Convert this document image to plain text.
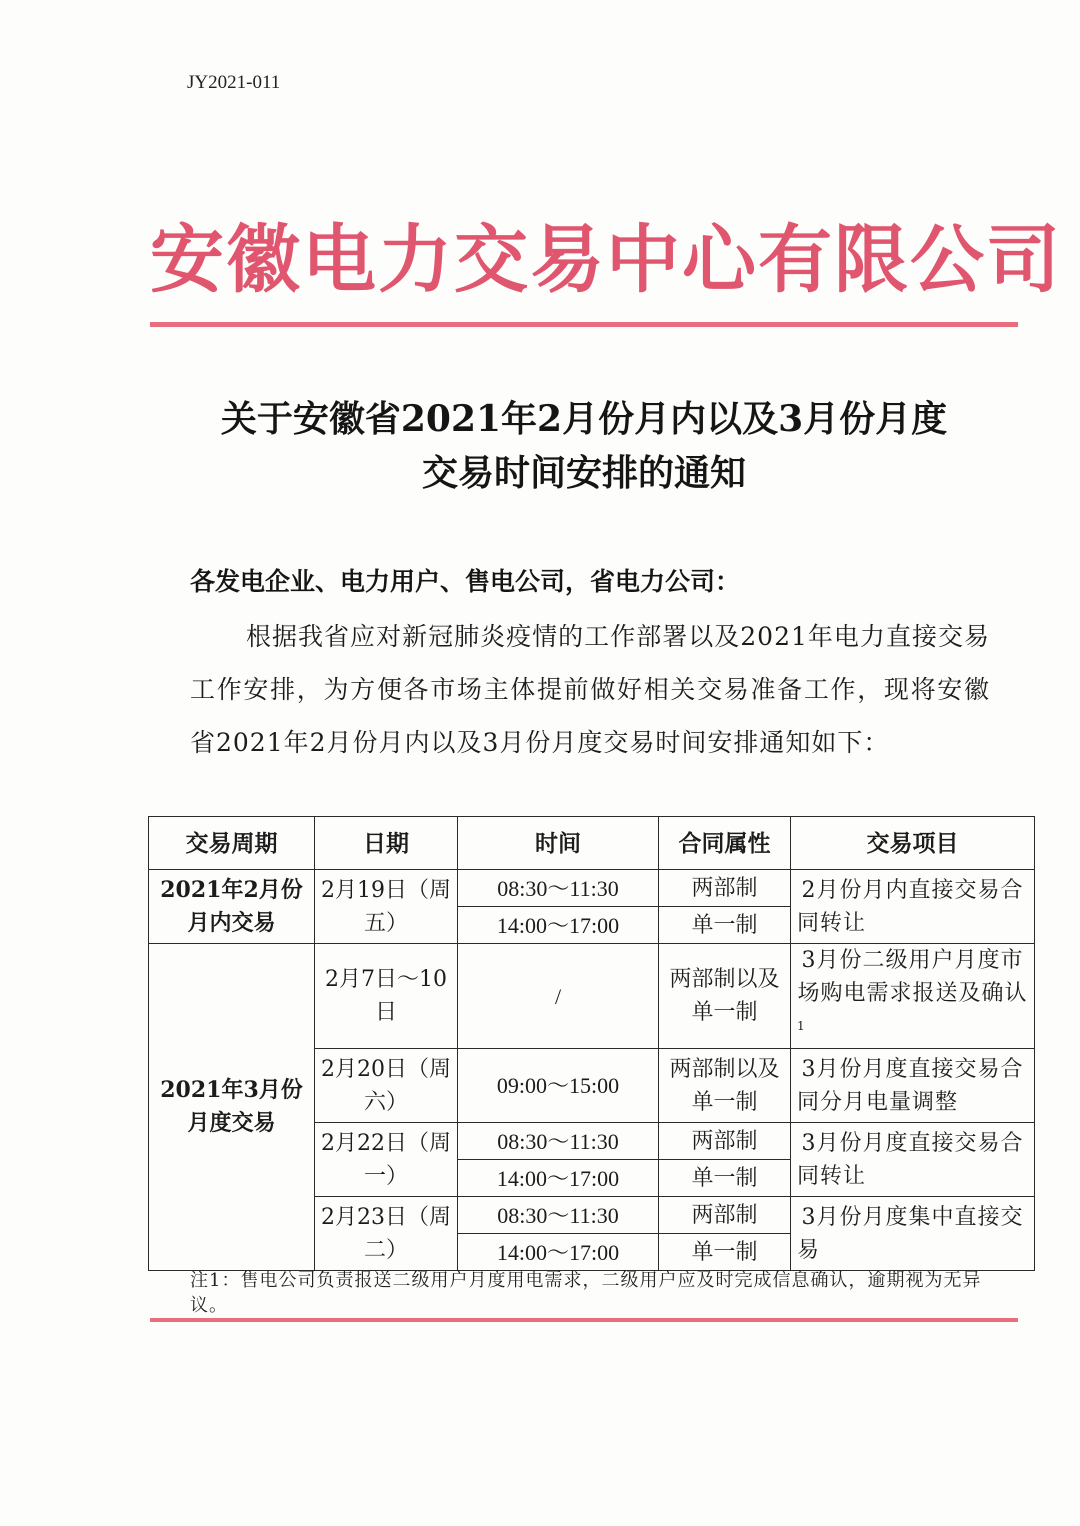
JY2021-011
安徽电力交易中心有限公司
关于安徽省2021年2月份月内以及3月份月度
交易时间安排的通知
各发电企业、电力用户、售电公司，省电力公司：
根据我省应对新冠肺炎疫情的工作部署以及2021年电力直接交易工作安排，为方便各市场主体提前做好相关交易准备工作，现将安徽省2021年2月份月内以及3月份月度交易时间安排通知如下：
交易周期	日期	时间	合同属性	交易项目
2021年2月份月内交易	2月19日（周五）	08:30～11:30	两部制	2月份月内直接交易合同转让
		14:00～17:00	单一制	
2021年3月份月度交易	2月7日～10日	/	两部制以及单一制	3月份二级用户月度市场购电需求报送及确认$^1$
	2月20日（周六）	09:00～15:00	两部制以及单一制	3月份月度直接交易合同分月电量调整
	2月22日（周一）	08:30～11:30	两部制	3月份月度直接交易合同转让
		14:00～17:00	单一制	
	2月23日（周二）	08:30～11:30	两部制	3月份月度集中直接交易
		14:00～17:00	单一制	
注1：售电公司负责报送二级用户月度用电需求，二级用户应及时完成信息确认，逾期视为无异议。
